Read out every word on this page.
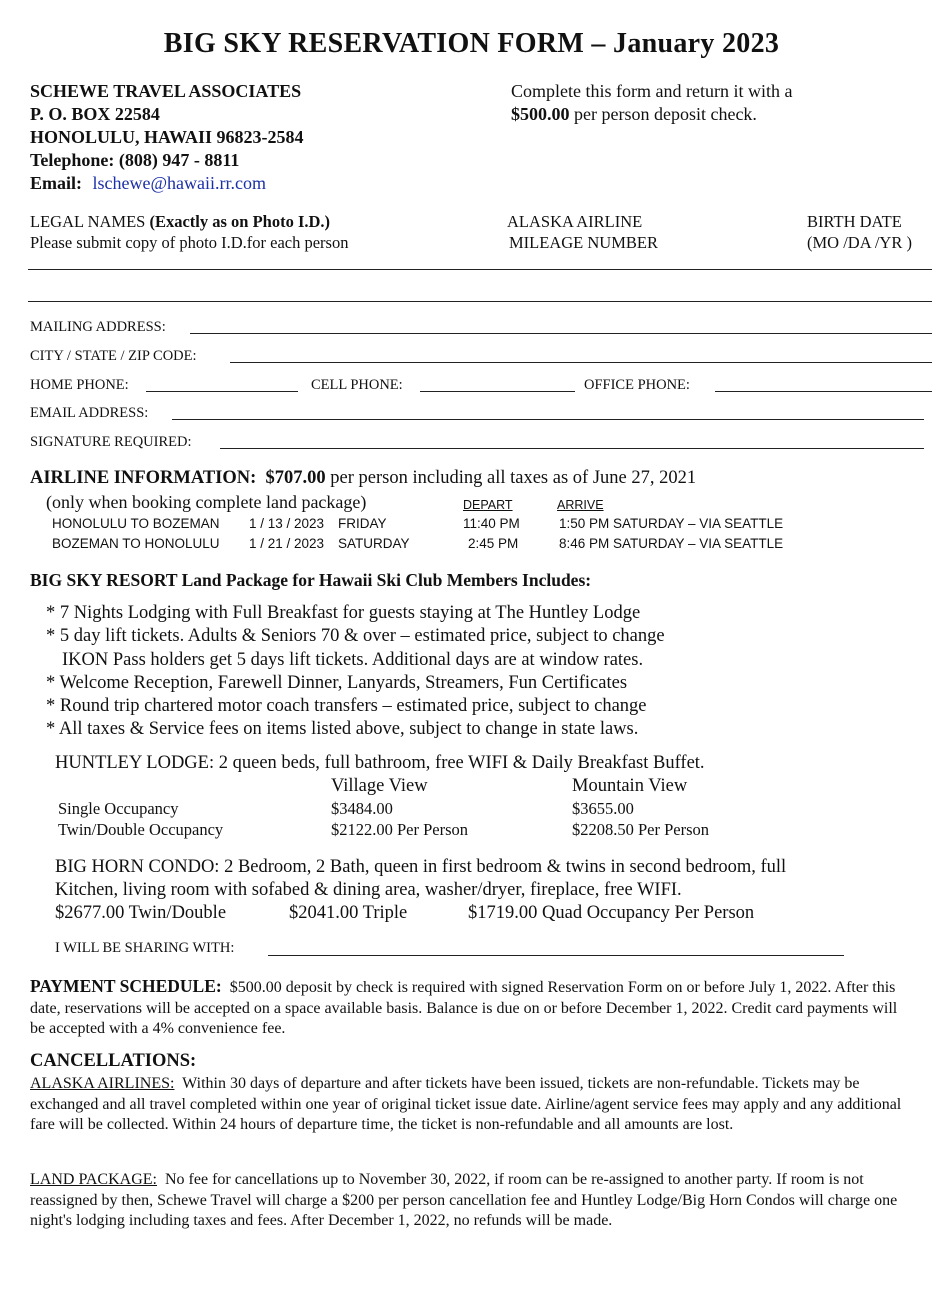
BIG SKY RESERVATION FORM – January 2023
SCHEWE TRAVEL ASSOCIATES
P. O. BOX 22584
HONOLULU, HAWAII 96823-2584
Telephone: (808) 947 - 8811
Email: lschewe@hawaii.rr.com
Complete this form and return it with a
$500.00 per person deposit check.
LEGAL NAMES (Exactly as on Photo I.D.)
Please submit copy of photo I.D.for each person
ALASKA AIRLINE
MILEAGE NUMBER
BIRTH DATE
(MO /DA /YR )
MAILING ADDRESS:
CITY / STATE / ZIP CODE:
HOME PHONE:	CELL PHONE:	OFFICE PHONE:
EMAIL ADDRESS:
SIGNATURE REQUIRED:
AIRLINE INFORMATION: $707.00 per person including all taxes as of June 27, 2021
(only when booking complete land package)	DEPART	ARRIVE
HONOLULU TO BOZEMAN 1 / 13 / 2023 FRIDAY	11:40 PM	1:50 PM SATURDAY – VIA SEATTLE
BOZEMAN TO HONOLULU 1 / 21 / 2023 SATURDAY	2:45 PM	8:46 PM SATURDAY – VIA SEATTLE
BIG SKY RESORT Land Package for Hawaii Ski Club Members Includes:
* 7 Nights Lodging with Full Breakfast for guests staying at The Huntley Lodge
* 5 day lift tickets. Adults & Seniors 70 & over – estimated price, subject to change
IKON Pass holders get 5 days lift tickets. Additional days are at window rates.
* Welcome Reception, Farewell Dinner, Lanyards, Streamers, Fun Certificates
* Round trip chartered motor coach transfers – estimated price, subject to change
* All taxes & Service fees on items listed above, subject to change in state laws.
HUNTLEY LODGE: 2 queen beds, full bathroom, free WIFI & Daily Breakfast Buffet.
Village View	Mountain View
Single Occupancy	$3484.00	$3655.00
Twin/Double Occupancy	$2122.00 Per Person	$2208.50 Per Person
BIG HORN CONDO: 2 Bedroom, 2 Bath, queen in first bedroom & twins in second bedroom, full
Kitchen, living room with sofabed & dining area, washer/dryer, fireplace, free WIFI.
$2677.00 Twin/Double	$2041.00 Triple	$1719.00 Quad Occupancy Per Person
I WILL BE SHARING WITH:
PAYMENT SCHEDULE: $500.00 deposit by check is required with signed Reservation Form on or before July 1, 2022. After this date, reservations will be accepted on a space available basis. Balance is due on or before December 1, 2022. Credit card payments will be accepted with a 4% convenience fee.
CANCELLATIONS:
ALASKA AIRLINES: Within 30 days of departure and after tickets have been issued, tickets are non-refundable. Tickets may be exchanged and all travel completed within one year of original ticket issue date. Airline/agent service fees may apply and any additional fare will be collected. Within 24 hours of departure time, the ticket is non-refundable and all amounts are lost.
LAND PACKAGE: No fee for cancellations up to November 30, 2022, if room can be re-assigned to another party. If room is not reassigned by then, Schewe Travel will charge a $200 per person cancellation fee and Huntley Lodge/Big Horn Condos will charge one night's lodging including taxes and fees. After December 1, 2022, no refunds will be made.
